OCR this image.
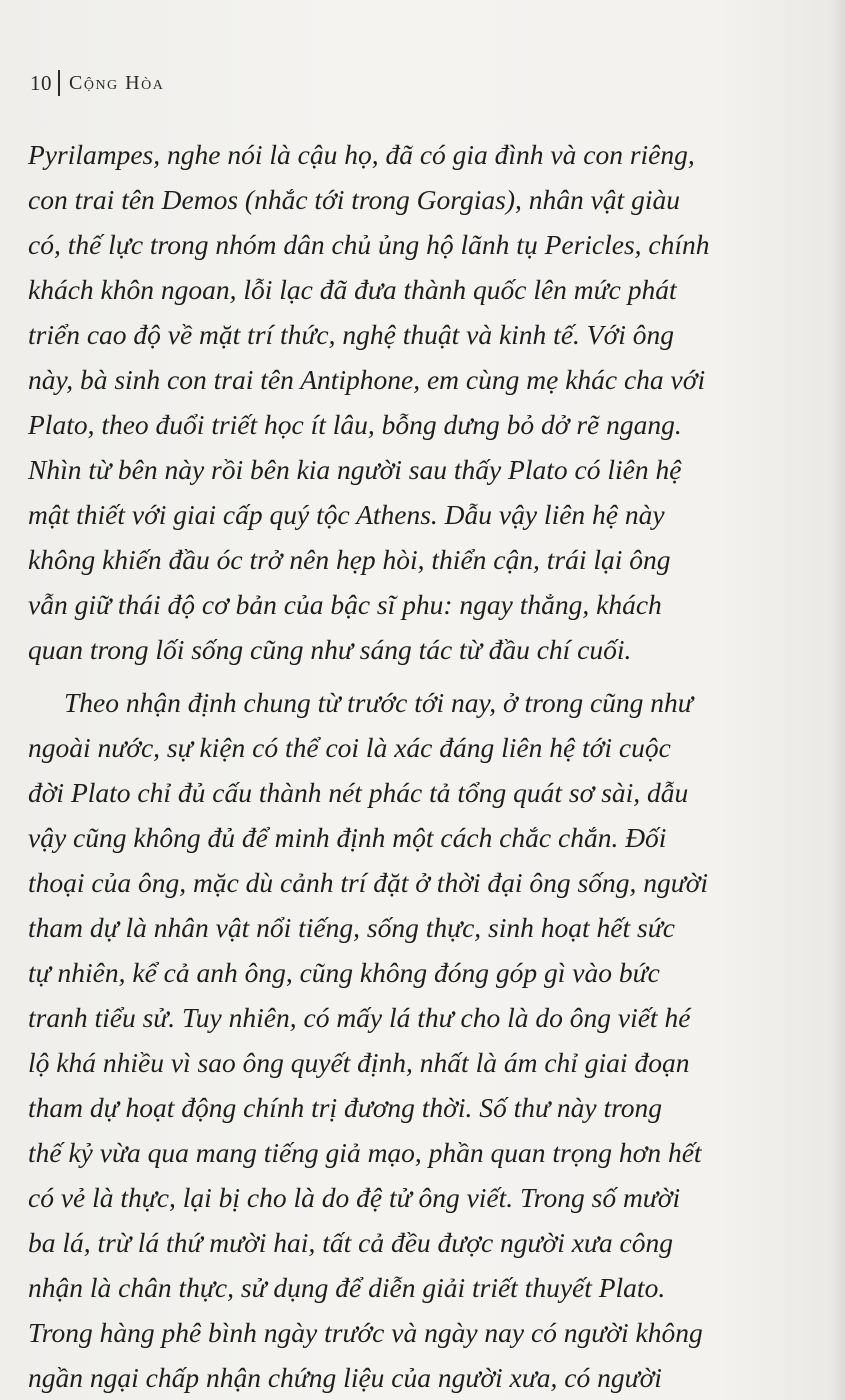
10 Cộng Hòa
Pyrilampes, nghe nói là cậu họ, đã có gia đình và con riêng,
con trai tên Demos (nhắc tới trong Gorgias), nhân vật giàu
có, thế lực trong nhóm dân chủ ủng hộ lãnh tụ Pericles, chính
khách khôn ngoan, lỗi lạc đã đưa thành quốc lên mức phát
triển cao độ về mặt trí thức, nghệ thuật và kinh tế. Với ông
này, bà sinh con trai tên Antiphone, em cùng mẹ khác cha với
Plato, theo đuổi triết học ít lâu, bỗng dưng bỏ dở rẽ ngang.
Nhìn từ bên này rồi bên kia người sau thấy Plato có liên hệ
mật thiết với giai cấp quý tộc Athens. Dẫu vậy liên hệ này
không khiến đầu óc trở nên hẹp hòi, thiển cận, trái lại ông
vẫn giữ thái độ cơ bản của bậc sĩ phu: ngay thẳng, khách
quan trong lối sống cũng như sáng tác từ đầu chí cuối.
Theo nhận định chung từ trước tới nay, ở trong cũng như
ngoài nước, sự kiện có thể coi là xác đáng liên hệ tới cuộc
đời Plato chỉ đủ cấu thành nét phác tả tổng quát sơ sài, dẫu
vậy cũng không đủ để minh định một cách chắc chắn. Đối
thoại của ông, mặc dù cảnh trí đặt ở thời đại ông sống, người
tham dự là nhân vật nổi tiếng, sống thực, sinh hoạt hết sức
tự nhiên, kể cả anh ông, cũng không đóng góp gì vào bức
tranh tiểu sử. Tuy nhiên, có mấy lá thư cho là do ông viết hé
lộ khá nhiều vì sao ông quyết định, nhất là ám chỉ giai đoạn
tham dự hoạt động chính trị đương thời. Số thư này trong
thế kỷ vừa qua mang tiếng giả mạo, phần quan trọng hơn hết
có vẻ là thực, lại bị cho là do đệ tử ông viết. Trong số mười
ba lá, trừ lá thứ mười hai, tất cả đều được người xưa công
nhận là chân thực, sử dụng để diễn giải triết thuyết Plato.
Trong hàng phê bình ngày trước và ngày nay có người không
ngần ngại chấp nhận chứng liệu của người xưa, có người
